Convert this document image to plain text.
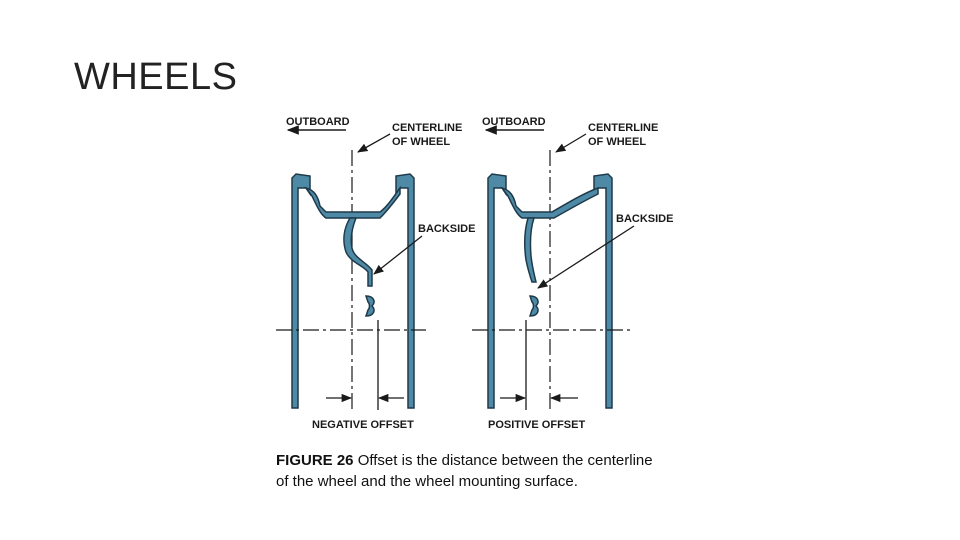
WHEELS
OUTBOARD	CENTERLINE
OF WHEEL
BACKSIDE
NEGATIVE OFFSET
OUTBOARD	CENTERLINE
OF WHEEL
BACKSIDE
POSITIVE OFFSET
FIGURE 26 Offset is the distance between the centerline of the wheel and the wheel mounting surface.
